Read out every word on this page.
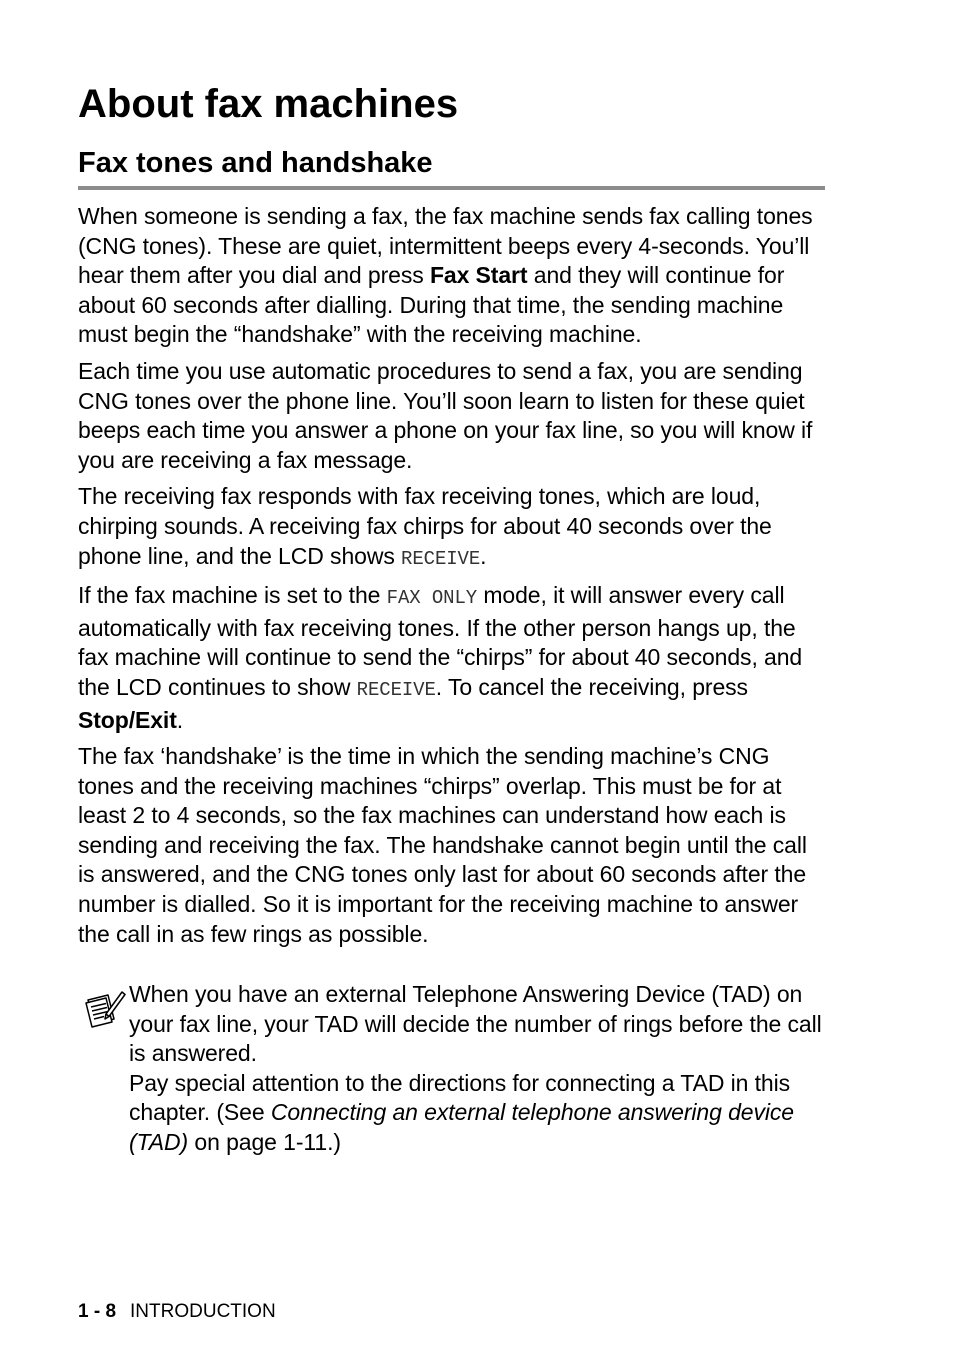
About fax machines
Fax tones and handshake

When someone is sending a fax, the fax machine sends fax calling tones (CNG tones). These are quiet, intermittent beeps every 4-seconds. You’ll hear them after you dial and press Fax Start and they will continue for about 60 seconds after dialling. During that time, the sending machine must begin the “handshake” with the receiving machine.

Each time you use automatic procedures to send a fax, you are sending CNG tones over the phone line. You’ll soon learn to listen for these quiet beeps each time you answer a phone on your fax line, so you will know if you are receiving a fax message.

The receiving fax responds with fax receiving tones, which are loud, chirping sounds. A receiving fax chirps for about 40 seconds over the phone line, and the LCD shows RECEIVE.

If the fax machine is set to the FAX ONLY mode, it will answer every call automatically with fax receiving tones. If the other person hangs up, the fax machine will continue to send the “chirps” for about 40 seconds, and the LCD continues to show RECEIVE. To cancel the receiving, press Stop/Exit.

The fax ‘handshake’ is the time in which the sending machine’s CNG tones and the receiving machines “chirps” overlap. This must be for at least 2 to 4 seconds, so the fax machines can understand how each is sending and receiving the fax. The handshake cannot begin until the call is answered, and the CNG tones only last for about 60 seconds after the number is dialled. So it is important for the receiving machine to answer the call in as few rings as possible.

When you have an external Telephone Answering Device (TAD) on your fax line, your TAD will decide the number of rings before the call is answered.

Pay special attention to the directions for connecting a TAD in this chapter. (See Connecting an external telephone answering device (TAD) on page 1-11.)

1 - 8 INTRODUCTION
